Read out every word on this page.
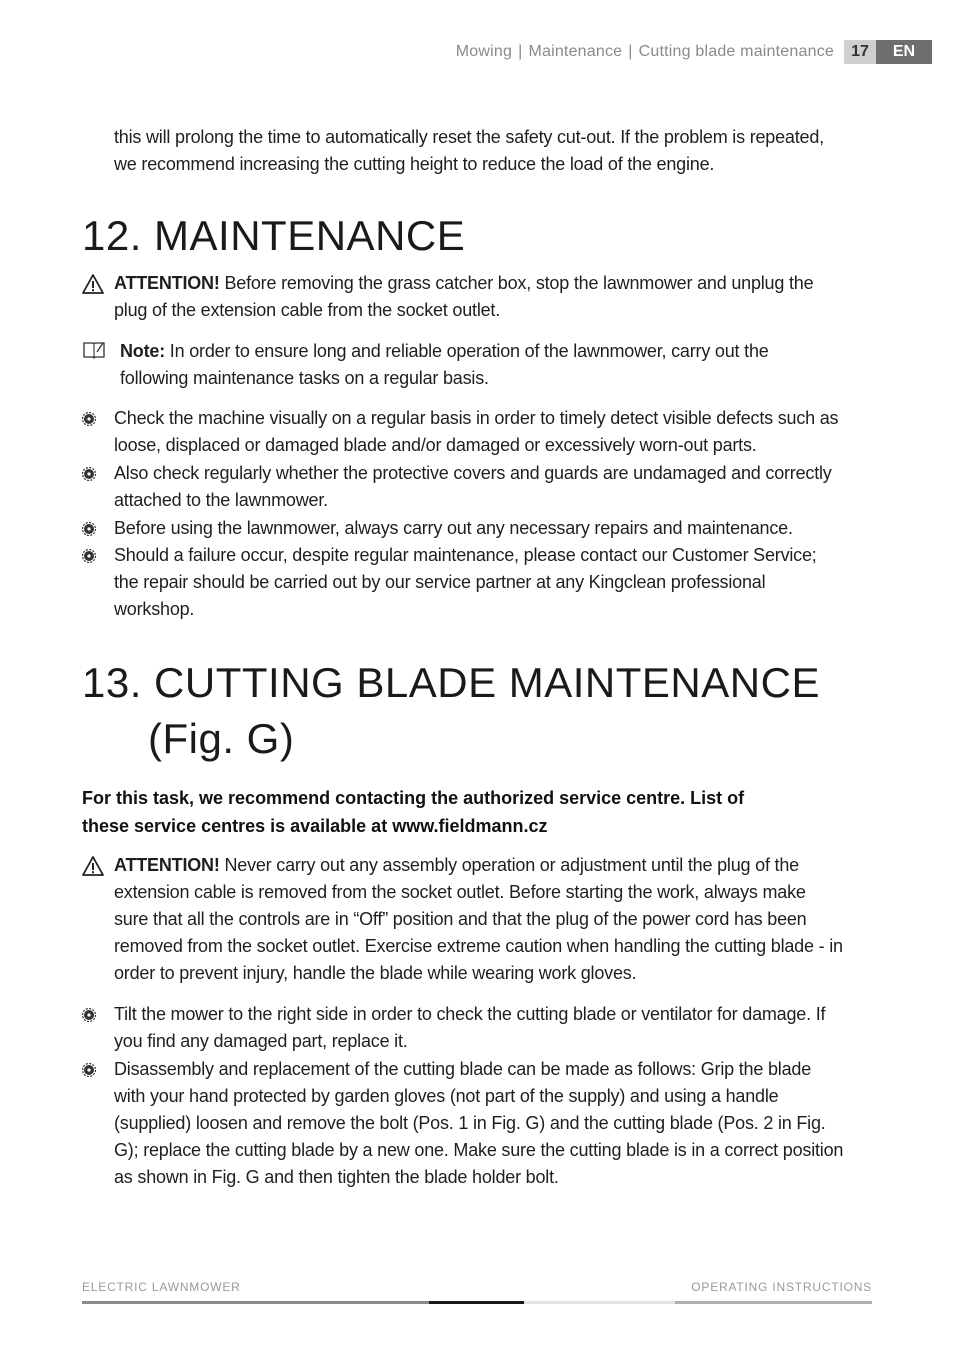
Mowing | Maintenance | Cutting blade maintenance	17	EN
this will prolong the time to automatically reset the safety cut-out. If the problem is repeated,
we recommend increasing the cutting height to reduce the load of the engine.
12. MAINTENANCE
ATTENTION! Before removing the grass catcher box, stop the lawnmower and unplug the
plug of the extension cable from the socket outlet.
Note: In order to ensure long and reliable operation of the lawnmower, carry out the
following maintenance tasks on a regular basis.
Check the machine visually on a regular basis in order to timely detect visible defects such as
loose, displaced or damaged blade and/or damaged or excessively worn-out parts.
Also check regularly whether the protective covers and guards are undamaged and correctly
attached to the lawnmower.
Before using the lawnmower, always carry out any necessary repairs and maintenance.
Should a failure occur, despite regular maintenance, please contact our Customer Service;
the repair should be carried out by our service partner at any Kingclean professional
workshop.
13. CUTTING BLADE MAINTENANCE
(Fig. G)
For this task, we recommend contacting the authorized service centre. List of
these service centres is available at www.fieldmann.cz
ATTENTION! Never carry out any assembly operation or adjustment until the plug of the
extension cable is removed from the socket outlet. Before starting the work, always make
sure that all the controls are in “Off” position and that the plug of the power cord has been
removed from the socket outlet. Exercise extreme caution when handling the cutting blade - in
order to prevent injury, handle the blade while wearing work gloves.
Tilt the mower to the right side in order to check the cutting blade or ventilator for damage. If
you find any damaged part, replace it.
Disassembly and replacement of the cutting blade can be made as follows: Grip the blade
with your hand protected by garden gloves (not part of the supply) and using a handle
(supplied) loosen and remove the bolt (Pos. 1 in Fig. G) and the cutting blade (Pos. 2 in Fig.
G); replace the cutting blade by a new one. Make sure the cutting blade is in a correct position
as shown in Fig. G and then tighten the blade holder bolt.
ELECTRIC LAWNMOWER	OPERATING INSTRUCTIONS
